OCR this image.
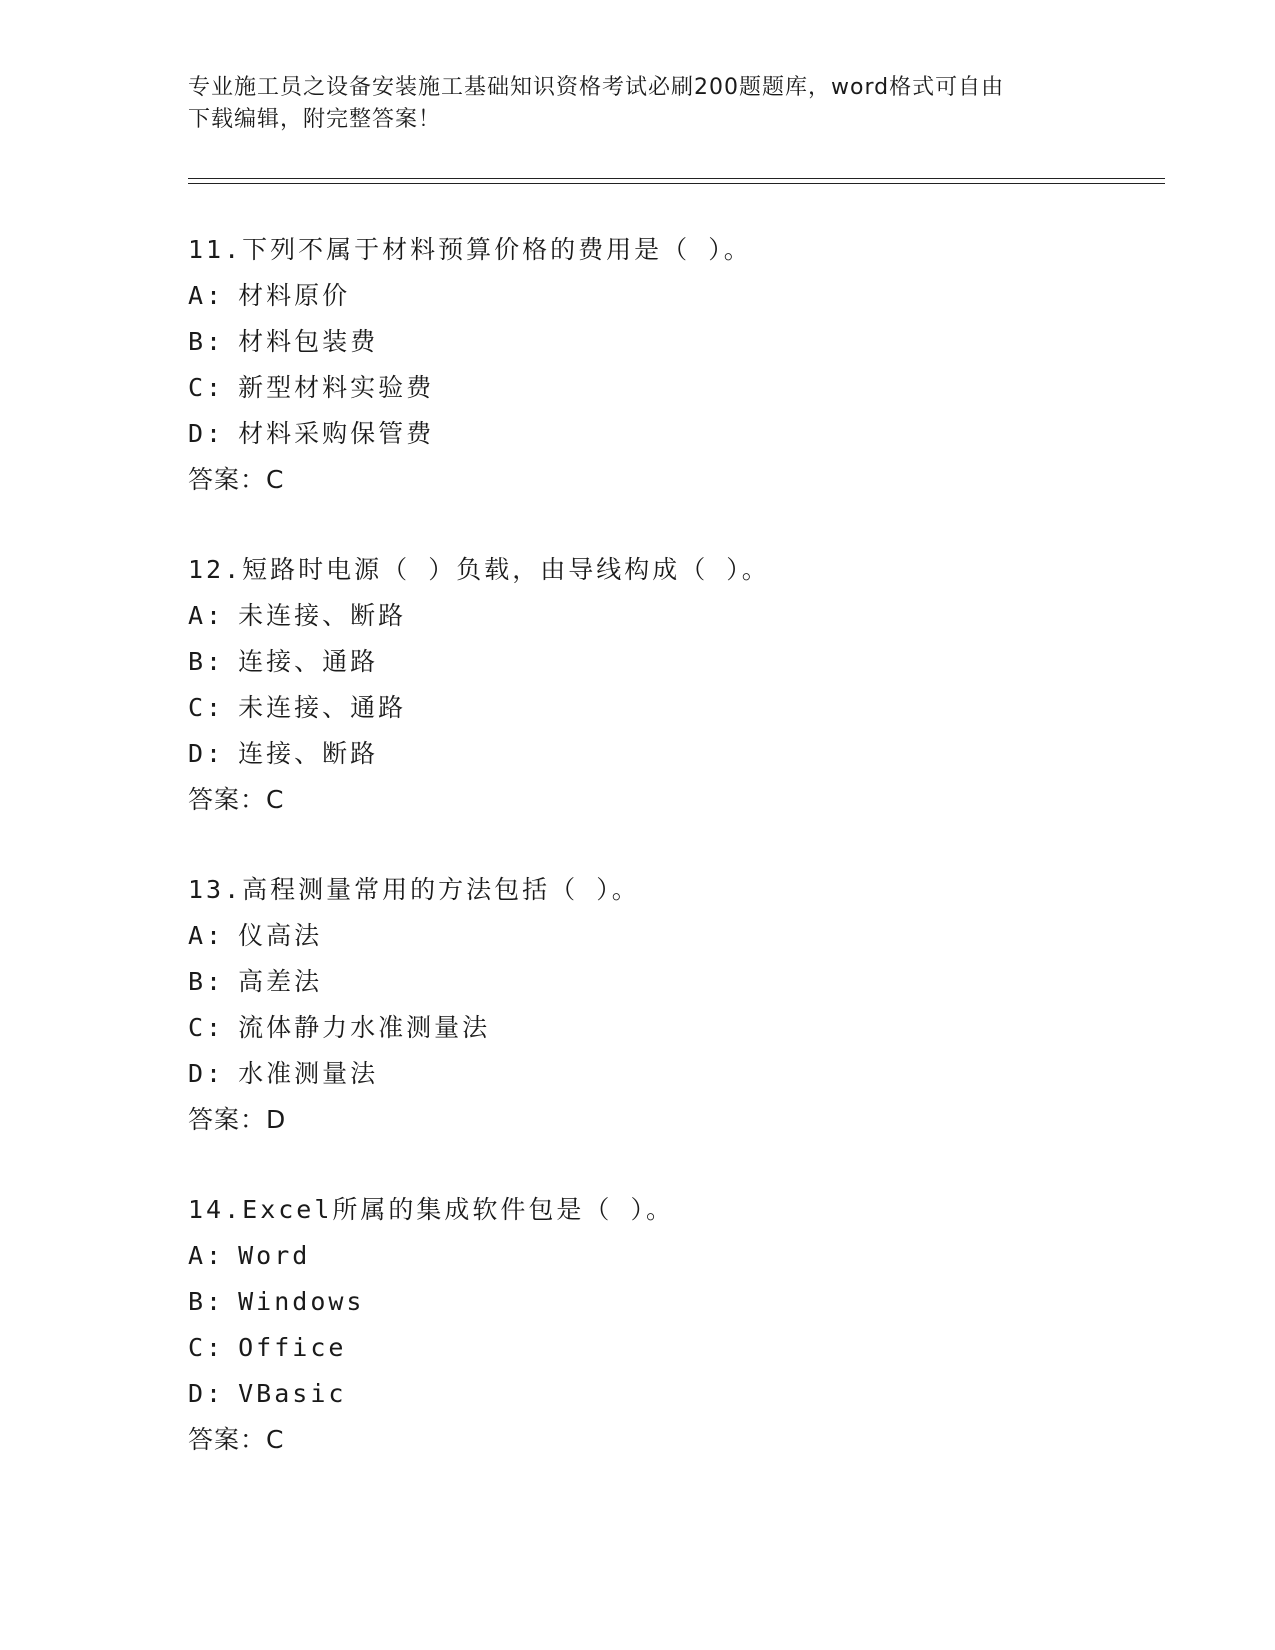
专业施工员之设备安装施工基础知识资格考试必刷200题题库，word格式可自由
下载编辑，附完整答案！
11.下列不属于材料预算价格的费用是（ ）。
A: 材料原价
B: 材料包装费
C: 新型材料实验费
D: 材料采购保管费
答案：C
12.短路时电源（ ）负载，由导线构成（ ）。
A: 未连接、断路
B: 连接、通路
C: 未连接、通路
D: 连接、断路
答案：C
13.高程测量常用的方法包括（ ）。
A: 仪高法
B: 高差法
C: 流体静力水准测量法
D: 水准测量法
答案：D
14.Excel所属的集成软件包是（ ）。
A: Word
B: Windows
C: Office
D: VBasic
答案：C
